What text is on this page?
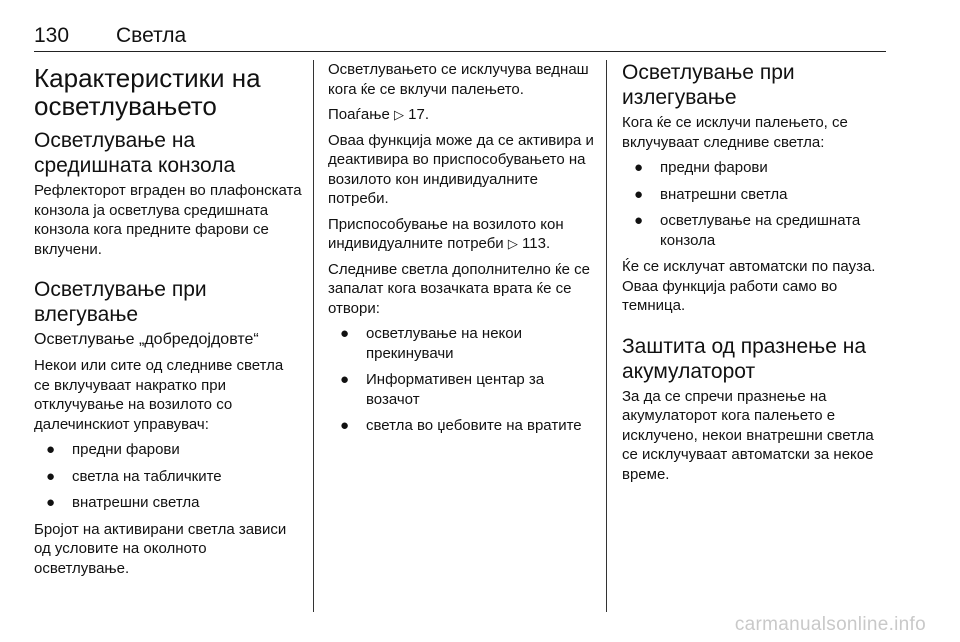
130 Светла
Карактеристики на осветлувањето
Осветлување на средишната конзола

Рефлекторот вграден во плафонската конзола ја осветлува средишната конзола кога предните фарови се вклучени.

Осветлување при влегување
Осветлување „добредојдовте“

Некои или сите од следниве светла се вклучуваат накратко при отклучување на возилото со далечинскиот управувач:

● предни фарови
● светла на табличките
● внатрешни светла

Бројот на активирани светла зависи од условите на околното осветлување.

Осветлувањето се исклучува веднаш кога ќе се вклучи палењето.

Поаѓање ▷ 17.

Оваа функција може да се активира и деактивира во приспособувањето на возилото кон индивидуалните потреби.

Приспособување на возилото кон индивидуалните потреби ▷ 113.

Следниве светла дополнително ќе се запалат кога возачката врата ќе се отвори:

● осветлување на некои прекинувачи
● Информативен центар за возачот
● светла во џебовите на вратите
Осветлување при излегување

Кога ќе се исклучи палењето, се вклучуваат следниве светла:

● предни фарови
● внатрешни светла
● осветлување на средишната конзола

Ќе се исклучат автоматски по пауза. Оваа функција работи само во темница.

Заштита од празнење на акумулаторот

За да се спречи празнење на акумулаторот кога палењето е исклучено, некои внатрешни светла се исклучуваат автоматски за некое време.

carmanualsonline.info
